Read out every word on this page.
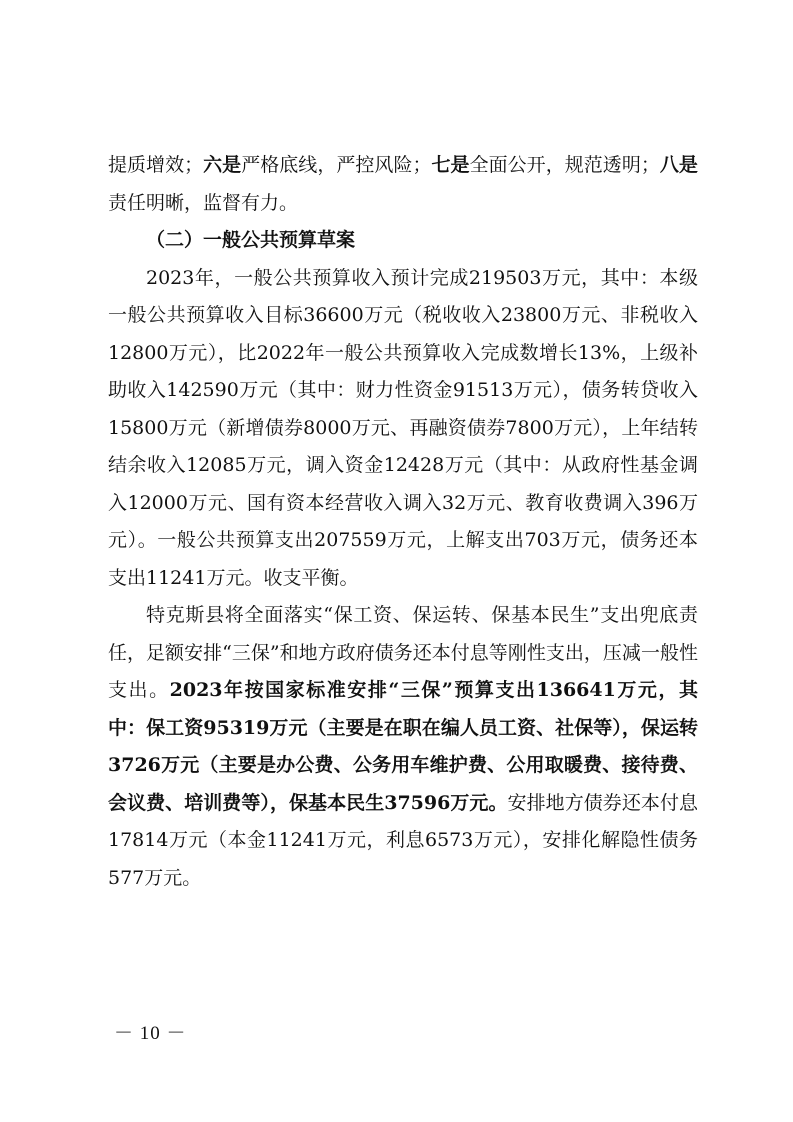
提质增效；六是严格底线，严控风险；七是全面公开，规范透明；八是责任明晰，监督有力。

（二）一般公共预算草案

2023年，一般公共预算收入预计完成219503万元，其中：本级一般公共预算收入目标36600万元（税收收入23800万元、非税收入12800万元），比2022年一般公共预算收入完成数增长13%，上级补助收入142590万元（其中：财力性资金91513万元），债务转贷收入15800万元（新增债券8000万元、再融资债券7800万元），上年结转结余收入12085万元，调入资金12428万元（其中：从政府性基金调入12000万元、国有资本经营收入调入32万元、教育收费调入396万元）。一般公共预算支出207559万元，上解支出703万元，债务还本支出11241万元。收支平衡。

特克斯县将全面落实“保工资、保运转、保基本民生”支出兜底责任，足额安排“三保”和地方政府债务还本付息等刚性支出，压减一般性支出。2023年按国家标准安排“三保”预算支出136641万元，其中：保工资95319万元（主要是在职在编人员工资、社保等），保运转3726万元（主要是办公费、公务用车维护费、公用取暖费、接待费、会议费、培训费等），保基本民生37596万元。安排地方债券还本付息17814万元（本金11241万元，利息6573万元），安排化解隐性债务577万元。

－ 10 －
